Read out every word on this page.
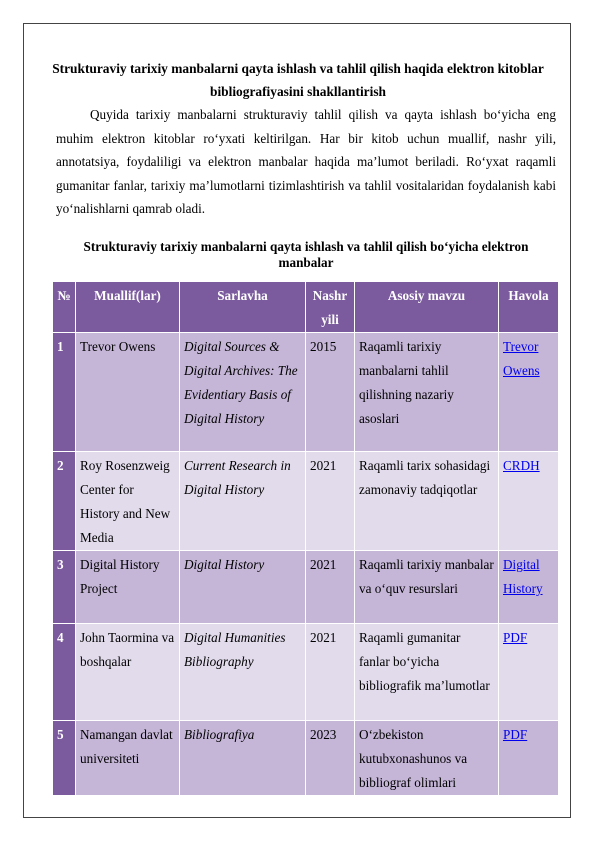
Strukturaviy tarixiy manbalarni qayta ishlash va tahlil qilish haqida elektron kitoblar bibliografiyasini shakllantirish
Quyida tarixiy manbalarni strukturaviy tahlil qilish va qayta ishlash bo‘yicha eng muhim elektron kitoblar ro‘yxati keltirilgan. Har bir kitob uchun muallif, nashr yili, annotatsiya, foydaliligi va elektron manbalar haqida ma’lumot beriladi. Ro‘yxat raqamli gumanitar fanlar, tarixiy ma’lumotlarni tizimlashtirish va tahlil vositalaridan foydalanish kabi yo‘nalishlarni qamrab oladi.
Strukturaviy tarixiy manbalarni qayta ishlash va tahlil qilish bo‘yicha elektron manbalar
№	Muallif(lar)	Sarlavha	Nashr yili	Asosiy mavzu	Havola
1	Trevor Owens	Digital Sources & Digital Archives: The Evidentiary Basis of Digital History	2015	Raqamli tarixiy manbalarni tahlil qilishning nazariy asoslari	Trevor Owens
2	Roy Rosenzweig Center for History and New Media	Current Research in Digital History	2021	Raqamli tarix sohasidagi zamonaviy tadqiqotlar	CRDH
3	Digital History Project	Digital History	2021	Raqamli tarixiy manbalar va o‘quv resurslari	Digital History
4	John Taormina va boshqalar	Digital Humanities Bibliography	2021	Raqamli gumanitar fanlar bo‘yicha bibliografik ma’lumotlar	PDF
5	Namangan davlat universiteti	Bibliografiya	2023	O‘zbekiston kutubxonashunos va bibliograf olimlari	PDF
